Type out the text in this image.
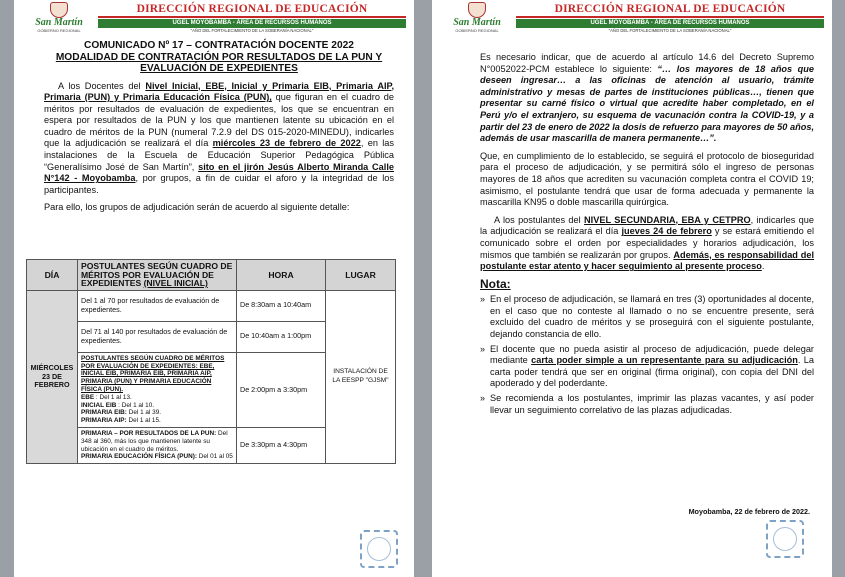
San Martín
GOBIERNO REGIONAL
DIRECCIÓN REGIONAL DE EDUCACIÓN
UGEL MOYOBAMBA - ÁREA DE RECURSOS HUMANOS
"AÑO DEL FORTALECIMIENTO DE LA SOBERANÍA NACIONAL"
COMUNICADO Nº 17 – CONTRATACIÓN DOCENTE 2022
MODALIDAD DE CONTRATACIÓN POR RESULTADOS DE LA PUN Y EVALUACIÓN DE EXPEDIENTES

A los Docentes del Nivel Inicial, EBE, Inicial y Primaria EIB, Primaria AIP, Primaria (PUN) y Primaria Educación Física (PUN), que figuran en el cuadro de méritos por resultados de evaluación de expedientes, los que se encuentran en espera por resultados de la PUN y los que mantienen latente su ubicación en el cuadro de méritos de la PUN (numeral 7.2.9 del DS 015-2020-MINEDU), indicarles que la adjudicación se realizará el día miércoles 23 de febrero de 2022, en las instalaciones de la Escuela de Educación Superior Pedagógica Pública “Generalísimo José de San Martín”, sito en el jirón Jesús Alberto Miranda Calle N°142 - Moyobamba, por grupos, a fin de cuidar el aforo y la integridad de los participantes.

Para ello, los grupos de adjudicación serán de acuerdo al siguiente detalle:

DÍA	POSTULANTES SEGÚN CUADRO DE MÉRITOS POR EVALUACIÓN DE EXPEDIENTES (NIVEL INICIAL)	HORA	LUGAR
MIÉRCOLES 23 DE FEBRERO	Del 1 al 70 por resultados de evaluación de expedientes.	De 8:30am a 10:40am	INSTALACIÓN DE LA EESPP "GJSM"
	Del 71 al 140 por resultados de evaluación de expedientes.	De 10:40am a 1:00pm	

	POSTULANTES SEGÚN CUADRO DE MÉRITOS POR EVALUACIÓN DE EXPEDIENTES: EBE, INICIAL EIB, PRIMARIA EIB, PRIMARIA AIP, PRIMARIA (PUN) Y PRIMARIA EDUCACIÓN FÍSICA (PUN).
EBE : Del 1 al 13.
INICIAL EIB : Del 1 al 10.
PRIMARIA EIB: Del 1 al 39.
PRIMARIA AIP: Del 1 al 15.	De 2:00pm a 3:30pm	
	PRIMARIA – POR RESULTADOS DE LA PUN: Del 348 al 360, más los que mantienen latente su ubicación en el cuadro de méritos.
PRIMARIA EDUCACIÓN FÍSICA (PUN): Del 01 al 05	De 3:30pm a 4:30pm	
San Martín
GOBIERNO REGIONAL
DIRECCIÓN REGIONAL DE EDUCACIÓN
UGEL MOYOBAMBA - ÁREA DE RECURSOS HUMANOS
"AÑO DEL FORTALECIMIENTO DE LA SOBERANÍA NACIONAL"

Es necesario indicar, que de acuerdo al artículo 14.6 del Decreto Supremo N°0052022-PCM establece lo siguiente: “… los mayores de 18 años que deseen ingresar… a las oficinas de atención al usuario, trámite administrativo y mesas de partes de instituciones públicas…, tienen que presentar su carné físico o virtual que acredite haber completado, en el Perú y/o el extranjero, su esquema de vacunación contra la COVID-19, y a partir del 23 de enero de 2022 la dosis de refuerzo para mayores de 50 años, además de usar mascarilla de manera permanente…”.

Que, en cumplimiento de lo establecido, se seguirá el protocolo de bioseguridad para el proceso de adjudicación, y se permitirá sólo el ingreso de personas mayores de 18 años que acrediten su vacunación completa contra el COVID 19; asimismo, el postulante tendrá que usar de forma adecuada y permanente la mascarilla KN95 o doble mascarilla quirúrgica.

A los postulantes del NIVEL SECUNDARIA, EBA y CETPRO, indicarles que la adjudicación se realizará el día jueves 24 de febrero y se estará emitiendo el comunicado sobre el orden por especialidades y horarios adjudicación, los mismos que también se realizarán por grupos. Además, es responsabilidad del postulante estar atento y hacer seguimiento al presente proceso.

Nota:
» En el proceso de adjudicación, se llamará en tres (3) oportunidades al docente, en el caso que no conteste al llamado o no se encuentre presente, será excluido del cuadro de méritos y se proseguirá con el siguiente postulante, dejando constancia de ello.
» El docente que no pueda asistir al proceso de adjudicación, puede delegar mediante carta poder simple a un representante para su adjudicación. La carta poder tendrá que ser en original (firma original), con copia del DNI del apoderado y del poderdante.
» Se recomienda a los postulantes, imprimir las plazas vacantes, y así poder llevar un seguimiento correlativo de las plazas adjudicadas.
Moyobamba, 22 de febrero de 2022.
